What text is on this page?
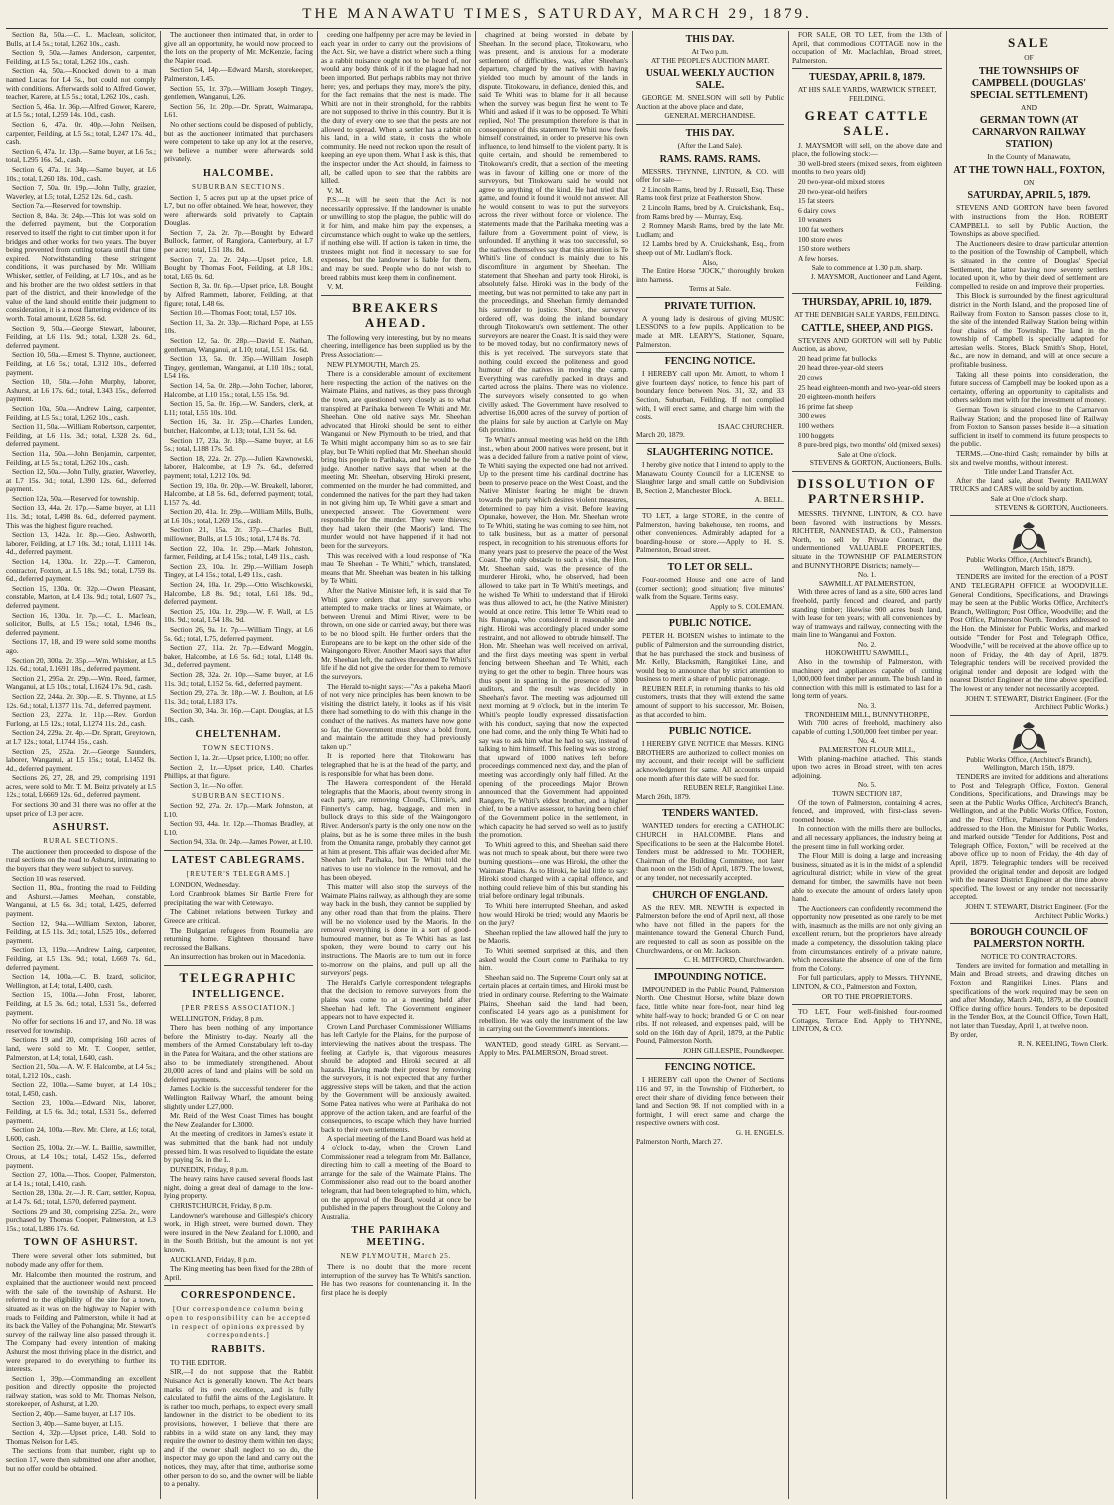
THE MANAWATU TIMES, SATURDAY, MARCH 29, 1879.

Section 8a, 50a.—C. L. Maclean, solicitor, Bulls, at L4 5s.; total, L262 10s., cash.

Section 9, 50a.—James Anderson, carpenter, Feilding, at L5 5s.; total, L262 10s., cash.

Section 4a, 50a.—Knocked down to a man named Lucas for L4 5s., but could not comply with conditions. Afterwards sold to Alfred Gower, teacher, Karere, at L5 5s.; total, L262 10s., cash.

Section 5, 46a. 1r. 36p.—Alfred Gower, Karere, at L5 5s.; total, L259 14s. 10d., cash.

Section 6, 47a. 0r. 40p.—John Neilsen, carpenter, Feilding, at L5 5s.; total, L247 17s. 4d., cash.

Section 6, 47a. 1r. 13p.—Same buyer, at L6 5s.; total, L295 16s. 5d., cash.

Section 6, 47a. 1r. 34p.—Same buyer, at L6 10s.; total, L260 18s. 10d., cash.

Section 7, 50a. 0r. 19p.—John Tully, grazier, Waverley, at L5; total, L252 12s. 6d., cash.

Section 7a.—Reserved for township.

Section 8, 84a. 3r. 24p.—This lot was sold on the deferred payment, but the Corporation reserved to itself the right to cut timber upon it for bridges and other works for two years. The buyer being prevented from cutting totara until that time expired. Notwithstanding these stringent conditions, it was purchased by Mr. William Whisker, settler, of Feilding, at L7 10s., and as he and his brother are the two oldest settlers in that part of the district, and their knowledge of the value of the land should entitle their judgment to consideration, it is a most flattering evidence of its worth. Total amount, L628 5s. 6d.

Section 9, 50a.—George Stewart, labourer, Feilding, at L6 11s. 9d.; total, L328 2s. 6d., deferred payment.

Section 10, 50a.—Ernest S. Thynne, auctioneer, Feilding, at L6 5s.; total, L312 10s., deferred payment.

Section 10, 50a.—John Murphy, laborer, Ashurst, at L6 17s. 6d.; total, L343 15s., deferred payment.

Section 10a, 50a.—Andrew Laing, carpenter, Feilding, at L5 5s.; total, L262 10s., cash.

Section 11, 50a.—William Robertson, carpenter, Feilding, at L6 11s. 3d.; total, L328 2s. 6d., deferred payment.

Section 11a, 50a.—John Benjamin, carpenter, Feilding, at L5 5s.; total, L262 10s., cash.

Section 12, 50a.—John Tully, grazier, Waverley, at L7 15s. 3d.; total, L390 12s. 6d., deferred payment.

Section 12a, 50a.—Reserved for township.

Section 13, 44a. 2r. 17p.—Same buyer, at L11 11s. 3d.; total, L498 8s. 6d., deferred payment. This was the highest figure reached.

Section 13, 142a. 1r. 8p.—Geo. Ashworth, laborer, Feilding, at L7 10s. 3d.; total, L1111 14s. 4d., deferred payment.

Section 14, 130a. 1r. 22p.—T. Cameron, contractor, Foxton, at L5 18s. 9d.; total, L759 8s. 6d., deferred payment.

Section 15, 130a. 0r. 32p.—Owen Pleasant, constable, Marton, at L4 13s. 9d.; total, L607 7s., deferred payment.

Section 16, 130a. 1r. 7p.—C. L. Maclean, solicitor, Bulls, at L5 15s.; total, L946 0s., deferred payment.

Sections 17, 18, and 19 were sold some months ago.

Section 20, 300a. 2r. 35p.—Wm. Whisker, at L5 12s. 6d.; total, L1691 18s., deferred payment.

Section 21, 295a. 2r. 29p.—Wm. Reed, farmer, Wanganui, at L5 10s.; total, L1624 17s. 9d., cash.

Section 22, 244a. 2r. 30p.—E. S. Thynne, at L5 12s. 6d.; total, L1377 11s. 7d., deferred payment.

Section 23, 227a. 1r. 11p.—Rev. Gordon Furlong, at L5 12s.; total, L1274 11s. 2d., cash.

Section 24, 229a. 2r. 4p.—Dr. Spratt, Greytown, at L7 12s.; total, L1744 15s., cash.

Section 25, 252a. 2r.—George Saunders, laborer, Wanganui, at L5 15s.; total, L1452 0s. 4d., deferred payment.

Sections 26, 27, 28, and 29, comprising 1191 acres, were sold to Mr. T. M. Beitz privately at L5 12s.; total, L6669 12s. 6d., deferred payment.

For sections 30 and 31 there was no offer at the upset price of L3 per acre.

ASHURST.
RURAL SECTIONS.

The auctioneer then proceeded to dispose of the rural sections on the road to Ashurst, intimating to the buyers that they were subject to survey.

Section 10 was reserved.

Section 11, 80a., fronting the road to Feilding and Ashurst.—James Meehan, constable, Wanganui, at L5 6s. 3d.; total, L425, deferred payment.

Section 12, 94a.—William Sexton, laborer, Feilding, at L5 11s. 3d.; total, L525 10s., deferred payment.

Section 13, 119a.—Andrew Laing, carpenter, Feilding, at L5 13s. 9d.; total, L669 7s. 6d., deferred payment.

Section 14, 100a.—C. B. Izard, solicitor, Wellington, at L4; total, L400, cash.

Section 15, 100a.—John Frost, laborer, Feilding, at L5 3s. 6d.; total, L531 5s., deferred payment.

No offer for sections 16 and 17, and No. 18 was reserved for township.

Sections 19 and 20, comprising 160 acres of land, were sold to Mr. T. Cooper, settler, Palmerston, at L4; total, L640, cash.

Section 21, 50a.—A. W. F. Halcombe, at L4 5s.; total, L212 10s., cash.

Section 22, 100a.—Same buyer, at L4 10s.; total, L450, cash.

Section 23, 100a.—Edward Nix, laborer, Feilding, at L5 6s. 3d.; total, L531 5s., deferred payment.

Section 24, 100a.—Rev. Mr. Clere, at L6; total, L600, cash.

Section 25, 100a. 2r.—W. L. Baillie, sawmiller, Orous, at L4 10s.; total, L452 15s., deferred payment.

Section 27, 100a.—Thos. Cooper, Palmerston, at L4 1s.; total, L410, cash.

Section 28, 130a. 2r.—J. R. Carr, settler, Kopua, at L4 7s. 6d.; total, L570, deferred payment.

Sections 29 and 30, comprising 225a. 2r., were purchased by Thomas Cooper, Palmerston, at L3 15s.; total, L886 17s. 6d.

TOWN OF ASHURST.

There were several other lots submitted, but nobody made any offer for them.

Mr. Halcombe then mounted the rostrum, and explained that the auctioneer would next proceed with the sale of the township of Ashurst. He referred to the eligibility of the site for a town, situated as it was on the highway to Napier with roads to Feilding and Palmerston, while it had at its back the Valley of the Pohangina; Mr. Stewart's survey of the railway line also passed through it. The Company had every intention of making Ashurst the most thriving place in the district, and were prepared to do everything to further its interests.

Section 1, 39p.—Commanding an excellent position and directly opposite the projected railway station, was sold to Mr. Thomas Nelson, storekeeper, of Ashurst, at L20.

Section 2, 40p.—Same buyer, at L17 10s.

Section 3, 40p.—Same buyer, at L15.

Section 4, 32p.—Upset price, L40. Sold to Thomas Nelson for L45.

The sections from that number, right up to section 17, were then submitted one after another, but no offer could be obtained.

The auctioneer then intimated that, in order to give all an opportunity, he would now proceed to the lots on the property of Mr. McKenzie, facing the Napier road.

Section 54, 14p.—Edward Marsh, storekeeper, Palmerston, L45.

Section 55, 1r. 37p.—William Joseph Tingey, gentlemen, Wanganui, L26.

Section 56, 1r. 20p.—Dr. Spratt, Waimarapa, L61.

No other sections could be disposed of publicly, but as the auctioneer intimated that purchasers were competent to take up any lot at the reserve, we believe a number were afterwards sold privately.

HALCOMBE.
SUBURBAN SECTIONS.

Section 1, 5 acres put up at the upset price of L7, but no offer obtained. We hear, however, they were afterwards sold privately to Captain Douglas.

Section 7, 2a. 2r. 7p.—Bought by Edward Bullock, farmer, of Rangiora, Canterbury, at L7 per acre; total, L51 18s. 8d.

Section 7, 2a. 2r. 24p.—Upset price, L8. Bought by Thomas Foot, Feilding, at L8 10s.; total, L65 0s. 6d.

Section 8, 3a. 0r. 6p.—Upset price, L8. Bought by Alfred Rammett, laborer, Feilding, at that figure; total, L48 6s.

Section 10.—Thomas Foot; total, L57 10s.

Section 11, 3a. 2r. 33p.—Richard Pope, at L55 10s.

Section 12, 5a. 0r. 28p.—David E. Nathan, gentleman, Wanganui, at L10; total, L51 15s. 6d.

Section 13, 5a. 0r. 35p.—William Joseph Tingey, gentleman, Wanganui, at L10 10s.; total, L54 16s.

Section 14, 5a. 0r. 28p.—John Tocher, laborer, Halcombe, at L10 15s.; total, L55 15s. 9d.

Section 15, 5a. 0r. 16p.—W. Sanders, clerk, at L11; total, L55 10s. 10d.

Section 16, 3a. 1r. 25p.—Charles Lunden, butcher, Halcombe, at L13; total, L31 5s. 6d.

Section 17, 23a. 3r. 18p.—Same buyer, at L6 5s.; total, L188 17s. 5d.

Section 18, 22a. 2r. 27p.—Julien Kawnowski, laborer, Halcombe, at L9 7s. 6d., deferred payment; total, L212 10s. 9d.

Section 19, 10a. 0r. 20p.—W. Breakell, laborer, Halcombe, at L8 5s. 6d., deferred payment; total, L157 7s. 4d.

Section 20, 41a. 1r. 29p.—William Mills, Bulls, at L6 10s.; total, L269 15s., cash.

Section 21, 15a. 2r. 37p.—Charles Bull, millowner, Bulls, at L5 10s.; total, L74 8s. 7d.

Section 22, 10a. 1r. 29p.—Mark Johnston, farmer, Feilding, at L4 15s.; total, L49 11s., cash.

Section 23, 10a. 1r. 29p.—William Joseph Tingey, at L4 15s.; total, L49 11s., cash.

Section 24, 10a. 1r. 29p.—Otto Wischkowski, Halcombe, L8 8s. 9d.; total, L61 18s. 9d., deferred payment.

Section 25, 10a. 1r. 29p.—W. F. Wall, at L5 10s. 9d.; total, L54 18s. 9d.

Section 26, 9a. 1r. 7p.—William Tingy, at L6 5s. 6d.; total, L75, deferred payment.

Section 27, 11a. 2r. 7p.—Edward Moggin, baker, Halcombe, at L6 5s. 6d.; total, L148 0s. 3d., deferred payment.

Section 28, 32a. 2r. 10p.—Same buyer, at L6 11s. 3d.; total, L152 5s. 6d., deferred payment.

Section 29, 27a. 3r. 18p.—W. J. Boulton, at L6 11s. 3d.; total, L183 17s.

Section 30, 34a. 3r. 16p.—Capt. Douglas, at L5 10s., cash.

CHELTENHAM.
TOWN SECTIONS.

Section 1, 1a. 2r.—Upset price, L100; no offer.

Section 2, 1r.—Upset price, L40. Charles Phillips, at that figure.

Section 3, 1r.—No offer.

SUBURBAN SECTIONS.

Section 92, 27a. 2r. 17p.—Mark Johnston, at L10.

Section 93, 44a. 1r. 12p.—Thomas Bradley, at L10.

Section 94, 33a. 0r. 24p.—James Power, at L10.

LATEST CABLEGRAMS.
[REUTER'S TELEGRAMS.]

LONDON, Wednesday.

Lord Cranbrook blames Sir Bartle Frere for precipitating the war with Cetewayo.

The Cabinet relations between Turkey and Greece are critical.

The Bulgarian refugees from Roumelia are returning home. Eighteen thousand have recrossed the Balkans.

An insurrection has broken out in Macedonia.

TELEGRAPHIC
INTELLIGENCE.
[PER PRESS ASSOCIATION.]

WELLINGTON, Friday, 8 p.m.

There has been nothing of any importance before the Ministry to-day. Nearly all the members of the Armed Constabulary left to-day in the Patea for Waitara, and the other stations are also to be immediately strengthened. About 20,000 acres of land and plains will be sold on deferred payments.

James Lockie is the successful tenderer for the Wellington Railway Wharf, the amount being slightly under L27,000.

Mr. Reid of the West Coast Times has bought the New Zealander for L3000.

At the meeting of creditors in James's estate it was submitted that the bank had not unduly pressed him. It was resolved to liquidate the estate by paying 5s. in the L.

DUNEDIN, Friday, 8 p.m.

The heavy rains have caused several floods last night, doing a great deal of damage to the low-lying property.

CHRISTCHURCH, Friday, 8 p.m.

Landowner's warehouse and Gillespie's chicory work, in High street, were burned down. They were insured in the New Zealand for L1000, and in the South British, but the amount is not yet known.

AUCKLAND, Friday, 8 p.m.

The King meeting has been fixed for the 28th of April.

CORRESPONDENCE.
[Our correspondence column being open to responsibility can be accepted in respect of opinions expressed by correspondents.]
RABBITS.

TO THE EDITOR.

SIR,—I do not suppose that the Rabbit Nuisance Act is generally known. The Act bears marks of its own excellence, and is fully calculated to fulfil the aims of the Legislature. It is rather too much, perhaps, to expect every small landowner in the district to be obedient to its provisions, however, I believe that there are rabbits in a wild state on any land, they may require the owner to destroy them within ten days; and if the owner shall neglect to so do, the inspector may go upon the land and carry out the notices, they may, after that time, authorise some other person to do so, and the owner will be liable to a penalty.

ceeding one halfpenny per acre may be levied in each year in order to carry out the provisions of the Act. Sir, we have a district where such a thing as a rabbit nuisance ought not to be heard of, nor would any body think of it if the plague had not been imported. But perhaps rabbits may not thrive here; yes, and perhaps they may, more's the pity, for the fact remains that the nest is made. The Whiti are not in their stronghold, for the rabbits are not supposed to thrive in this country. But it is the duty of every one to see that the pests are not allowed to spread. When a settler has a rabbit on his land, in a wild state, it costs the whole community. He need not reckon upon the result of keeping an eye upon them. What I ask is this, that the inspector under the Act should, in fairness to all, be called upon to see that the rabbits are killed.

V. M.

P.S.—It will be seen that the Act is not necessarily oppressive. If the landowner is unable or unwilling to stop the plague, the public will do it for him, and make him pay the expenses, a circumstance which ought to wake up the settlers, if nothing else will. If action is taken in time, the trustees might not find it necessary to sue for expenses, but the landowner is liable for them, and may be sued. People who do not wish to breed rabbits must keep them in confinement.

V. M.

BREAKERS AHEAD.

The following very interesting, but by no means cheering, intelligence has been supplied us by the Press Association:—

NEW PLYMOUTH, March 25.

There is a considerable amount of excitement here respecting the action of the natives on the Waimate Plains, and natives, as they pass through the town, are questioned very closely as to what transpired at Parihaka between Te Whiti and Mr. Sheehan. One old native says Mr. Sheehan advocated that Hiroki should be sent to either Wanganui or New Plymouth to be tried, and that Te Whiti might accompany him so as to see fair play, but Te Whiti replied that Mr. Sheehan should bring his people to Parihaka, and he would be the judge. Another native says that when at the meeting Mr. Sheehan, observing Hiroki present, commented on the murder he had committed, and condemned the natives for the part they had taken in not giving him up, Te Whiti gave a smart and unexpected answer. The Government were responsible for the murder. They were thieves; they had taken their (the Maoris') land. The murder would not have happened if it had not been for the surveyors.

This was received with a loud response of "Ka mau Te Sheehan - Te Whiti," which, translated, means that Mr. Sheehan was beaten in his talking by Te Whiti.

After the Native Minister left, it is said that Te Whiti gave orders that any surveyors who attempted to make tracks or lines at Waimate, or between Urenui and Mimi River, were to be thrown, on one side or carried away, but there was to be no blood spilt. He further orders that the Europeans are to be kept on the other side of the Waingongoro River. Another Maori says that after Mr. Sheehan left, the natives threatened Te Whiti's life if he did not give the order for them to remove the surveyors.

The Herald to-night says:—"As a pakeha Maori of not very nice principles has been known to be visiting the district lately, it looks as if his visit there had something to do with this change in the conduct of the natives. As matters have now gone so far, the Government must show a bold front, and maintain the attitude they had previously taken up."

It is reported here that Titokowaru has telegraphed that he is at the head of the party, and is responsible for what has been done.

The Hawera correspondent of the Herald telegraphs that the Maoris, about twenty strong in each party, are removing Cloud's, Climie's, and Finnerty's camp, hag, baggage, and men in bullock drays to this side of the Waingongoro River. Anderson's party is the only one now on the plains, but as he is some three miles in the bush from the Omanita range, probably they cannot get at him at present. This affair was decided after Mr. Sheehan left Parihaka, but Te Whiti told the natives to use no violence in the removal, and he has been obeyed.

This matter will also stop the surveys of the Waimate Plains railway, as although they are some way back in the bush, they cannot be supplied by any other road than that from the plains. There will be no violence used by the Maoris. In the removal everything is done in a sort of good-humoured manner, but as Te Whiti has as last spoken, they were bound to carry out his instructions. The Maoris are to turn out in force to-morrow on the plains, and pull up all the surveyors' pegs.

The Herald's Carlyle correspondent telegraphs that the decision to remove surveyors from the plains was come to at a meeting held after Sheehan had left. The Government engineer appears not to have expected it.

Crown Land Purchaser Commissioner Williams has left Carlyle for the Plains, for the purpose of interviewing the natives about the trespass. The feeling at Carlyle is, that vigorous measures should be adopted and Hiroki secured at all hazards. Having made their protest by removing the surveyors, it is not expected that any further aggressive steps will be taken, and that the action by the Government will be anxiously awaited. Some Patea natives who were at Parihaka do not approve of the action taken, and are fearful of the consequences, to escape which they have hurried back to their own settlements.

A special meeting of the Land Board was held at 4 o'clock to-day, when the Crown Land Commissioner read a telegram from Mr. Ballance, directing him to call a meeting of the Board to arrange for the sale of the Waimate Plains. The Commissioner also read out to the board another telegram, that had been telegraphed to him, which, on the approval of the Board, would at once be published in the papers throughout the Colony and Australia.

THE PARIHAKA MEETING.
NEW PLYMOUTH, March 25.

There is no doubt that the more recent interruption of the survey has Te Whiti's sanction. He has two reasons for countenancing it. In the first place he is deeply

chagrined at being worsted in debate by Sheehan. In the second place, Titokowaru, who was present, and is anxious for a moderate settlement of difficulties, was, after Sheehan's departure, charged by the natives with having yielded too much by amount of the lands in dispute. Titokowaru, in defiance, denied this, and said Te Whiti was to blame for it all because when the survey was begun first he went to Te Whiti and asked if it was to be opposed. Te Whiti replied, No! The presumption therefore is that in consequence of this statement Te Whiti now feels himself constrained, in order to preserve his own influence, to lend himself to the violent party. It is quite certain, and should be remembered to Titokowaru's credit, that a section of the meeting was in favour of killing one or more of the surveyors, but Titokowaru said he would not agree to anything of the kind. He had tried that game, and found it found it would not answer. All he would consent to was to put the surveyors across the river without force or violence. The statements made that the Parihaka meeting was a failure from a Government point of view, is unfounded. If anything it was too successful, so the natives themselves say that this attention is Te Whiti's line of conduct is mainly due to his discomfiture in argument by Sheehan. The statement that Sheehan and party took Hiroki, is absolutely false. Hiroki was in the body of the meeting, but was not permitted to take any part in the proceedings, and Sheehan firmly demanded his surrender to justice. Short, the surveyor ordered off, was doing the inland boundary through Titokowaru's own settlement. The other surveyors are nearer the Coast. It is said they were to be moved today, but no confirmatory news of this is yet received. The surveyors state that nothing could exceed the politeness and good humour of the natives in moving the camp. Everything was carefully packed in drays and carted across the plains. There was no violence. The surveyors wisely consented to go when civilly asked. The Government have resolved to advertise 16,000 acres of the survey of portion of the plains for sale by auction at Carlyle on May 6th proximo.

Te Whiti's annual meeting was held on the 18th inst., when about 2000 natives were present, but it was a decided failure from a native point of view, Te Whiti saying the expected one had not arrived. Up to the present time his cardinal doctrine has been to preserve peace on the West Coast, and the Native Minister fearing he might be drawn towards the party which desires violent measures, determined to pay him a visit. Before leaving Opunake, however, the Hon. Mr. Sheehan wrote to Te Whiti, stating he was coming to see him, not to talk business, but as a matter of personal respect, in recognition to his strenuous efforts for many years past to preserve the peace of the West Coast. The only obstacle to such a visit, the Hon. Mr. Sheehan said, was the presence of the murderer Hiroki, who, he observed, had been allowed to take part in Te Whiti's meetings, and he wished Te Whiti to understand that if Hiroki was thus allowed to act, he (the Native Minister) would at once retire. This letter Te Whiti read to his Runanga, who considered it reasonable and right. Hiroki was accordingly placed under some restraint, and not allowed to obtrude himself. The Hon. Mr. Sheehan was well received on arrival, and the first days meeting was spent in verbal fencing between Sheehan and Te Whiti, each trying to get the other to begin. Three hours was thus spent in sparring in the presence of 3000 auditors, and the result was decidedly in Sheehan's favor. The meeting was adjourned till next morning at 9 o'clock, but in the interim Te Whiti's people loudly expressed dissatisfaction with his conduct, saying that now the expected one had come, and the only thing Te Whiti had to say was to ask him what he had to say, instead of talking to him himself. This feeling was so strong, that upward of 1000 natives left before proceedings commenced next day, and the plan of meeting was accordingly only half filled. At the opening of the proceedings Major Brown announced that the Government had appointed Rangere, Te Whiti's eldest brother, and a higher chief, to be a native assessor, to having been chief of the Government police in the settlement, in which capacity he had served so well as to justify the promotion.

To Whiti agreed to this, and Sheehan said there was not much to speak about, but there were two burning questions—one was Hiroki, the other the Waimate Plains. As to Hiroki, he laid little to say: Hiroki stood charged with a capital offence, and nothing could relieve him of this but standing his trial before ordinary legal tribunals.

To Whiti here interrupted Sheehan, and asked how would Hiroki be tried; would any Maoris be on the jury?

Sheehan replied the law allowed half the jury to be Maoris.

To Whiti seemed surprised at this, and then asked would the Court come to Parihaka to try him.

Sheehan said no. The Supreme Court only sat at certain places at certain times, and Hiroki must be tried in ordinary course. Referring to the Waimate Plains, Sheehan said the land had been, confiscated 14 years ago as a punishment for rebellion. He was only the instrument of the law in carrying out the Government's intentions.

WANTED, good steady GIRL as Servant.—Apply to Mrs. PALMERSON, Broad street.

THIS DAY.
At Two p.m.
AT THE PEOPLE'S AUCTION MART.
USUAL WEEKLY AUCTION SALE.

GEORGE M. SNELSON will sell by Public Auction at the above place and date,

GENERAL MERCHANDISE.
THIS DAY.
(After the Land Sale).
RAMS. RAMS. RAMS.

MESSRS. THYNNE, LINTON, & CO. will offer for sale—

2 Lincoln Rams, bred by J. Russell, Esq. These Rams took first prize at Featherston Show.

2 Lincoln Rams, bred by A. Cruickshank, Esq., from Rams bred by — Murray, Esq.

2 Romney Marsh Rams, bred by the late Mr. Ludlam; and

12 Lambs bred by A. Cruickshank, Esq., from sheep out of Mr. Ludlam's flock.

Also,

The Entire Horse "JOCK," thoroughly broken into harness.

Terms at Sale.
PRIVATE TUITION.

A young lady is desirous of giving MUSIC LESSONS to a few pupils. Application to be made at MR. LEARY'S, Stationer, Square, Palmerston.

FENCING NOTICE.

I HEREBY call upon Mr. Arnott, to whom I give fourteen days' notice, to fence his part of boundary fence between Nos. 31, 32, and 33 Section, Suburban, Feilding. If not complied with, I will erect same, and charge him with the costs.

ISAAC CHURCHER.
March 20, 1879.
SLAUGHTERING NOTICE.

I hereby give notice that I intend to apply to the Manawatu County Council for a LICENSE to Slaughter large and small cattle on Subdivision B, Section 2, Manchester Block.

A. BELL.

TO LET, a large STORE, in the centre of Palmerston, having bakehouse, ten rooms, and other conveniences. Admirably adapted for a boarding-house or store.—Apply to H. S. Palmerston, Broad street.

TO LET OR SELL.

Four-roomed House and one acre of land (corner section); good situation; five minutes' walk from the Square. Terms easy.

Apply to S. COLEMAN.
PUBLIC NOTICE.

PETER H. BOISEN wishes to intimate to the public of Palmerston and the surrounding district, that he has purchased the stock and business of Mr. Kelly, Blacksmith, Rangitikei Line, and would beg to announce that by strict attention to business to merit a share of public patronage.

REUBEN RELF, in returning thanks to his old customers, trusts that they will extend the same amount of support to his successor, Mr. Boisen, as that accorded to him.

PUBLIC NOTICE.

I HEREBY GIVE NOTICE that Messrs. KING BROTHERS are authorized to collect monies on my account, and their receipt will be sufficient acknowledgment for same. All accounts unpaid one month after this date will be sued for.

REUBEN RELF, Rangitikei Line.
March 26th, 1879.
TENDERS WANTED.

WANTED tenders for erecting a CATHOLIC CHURCH in HALCOMBE. Plans and Specifications to be seen at the Halcombe Hotel. Tenders must be addressed to Mr. TOOHER, Chairman of the Building Committee, not later than noon on the 15th of April, 1879. The lowest, or any tender, not necessarily accepted.

CHURCH OF ENGLAND.

AS the REV. MR. NEWTH is expected in Palmerston before the end of April next, all those who have not filled in the papers for the maintenance toward the General Church Fund, are requested to call as soon as possible on the Churchwardens, or on Mr. Jackson.

C. H. MITFORD, Churchwarden.
IMPOUNDING NOTICE.

IMPOUNDED in the Public Pound, Palmerston North. One Chestnut Horse, white blaze down face, little white near fore-foot, near hind leg white half-way to hock; branded G or C on near ribs. If not released, and expenses paid, will be sold on the 16th day of April, 1879, at the Public Pound, Palmerston North.

JOHN GILLESPIE, Poundkeeper.
FENCING NOTICE.

I HEREBY call upon the Owner of Sections 116 and 97, in the Township of Fitzherbert, to erect their share of dividing fence between their land and Section 98. If not complied with in a fortnight, I will erect same and charge the respective owners with cost.

G. H. ENGELS.
Palmerston North, March 27.

FOR SALE, OR TO LET, from the 13th of April, that commodious COTTAGE now in the occupation of Mr. Maclachlan, Broad street, Palmerston.

TUESDAY, APRIL 8, 1879.
AT HIS SALE YARDS, WARWICK STREET, FEILDING.
GREAT CATTLE SALE.

J. MAYSMOR will sell, on the above date and place, the following stock:—

30 well-bred steers (mixed sexes, from eighteen months to two years old)

20 two-year-old mixed stores

20 two-year-old heifers

15 fat steers

6 dairy cows

10 weaners

100 fat wethers

100 store ewes

150 store wethers

A few horses.

Sale to commence at 1.30 p.m. sharp.
J. MAYSMOR, Auctioneer and Land Agent, Feilding.
THURSDAY, APRIL 10, 1879.
AT THE DENBIGH SALE YARDS, FEILDING.
CATTLE, SHEEP, AND PIGS.

STEVENS AND GORTON will sell by Public Auction, as above,

20 head prime fat bullocks

20 head three-year-old steers

20 cows

25 head eighteen-month and two-year-old steers

20 eighteen-month heifers

16 prime fat sheep

300 ewes

100 wethers

100 hoggets

8 pure-bred pigs, two months' old (mixed sexes)

Sale at One o'clock.
STEVENS & GORTON, Auctioneers, Bulls.
DISSOLUTION OF PARTNERSHIP.

MESSRS. THYNNE, LINTON, & CO. have been favored with instructions by Messrs. RICHTER, NANNESTAD, & CO., Palmerston North, to sell by Private Contract, the undermentioned VALUABLE PROPERTIES, situate in the TOWNSHIP OF PALMERSTON and BUNNYTHORPE Districts; namely—

No. 1.
SAWMILL AT PALMERSTON,

With three acres of land as a site, 600 acres land freehold, partly fenced and cleared, and partly standing timber; likewise 900 acres bush land, with lease for ten years; with all conveniences by way of tramways and railway, connecting with the main line to Wanganui and Foxton.

No. 2.
HOKOWHITU SAWMILL,

Also in the township of Palmerston, with machinery and appliances capable of cutting 1,000,000 feet timber per annum. The bush land in connection with this mill is estimated to last for a long term of years.

No. 3.
TRONDHEIM MILL, BUNNYTHORPE,

With 700 acres of freehold, machinery also capable of cutting 1,500,000 feet timber per year.

No. 4.
PALMERSTON FLOUR MILL,

With planing-machine attached. This stands upon two acres in Broad street, with ten acres adjoining.

No. 5.
TOWN SECTION 187,

Of the town of Palmerston, containing 4 acres, fenced, and improved, with first-class seven-roomed house.

In connection with the mills there are bullocks, and all necessary appliances, the industry being at the present time in full working order.

The Flour Mill is doing a large and increasing business, situated as it is in the midst of a splendid agricultural district; while in view of the great demand for timber, the sawmills have not been able to execute the amount of orders lately upon hand.

The Auctioneers can confidently recommend the opportunity now presented as one rarely to be met with, inasmuch as the mills are not only giving an excellent return, but the proprietors have already made a competency, the dissolution taking place from circumstances entirely of a private nature, which necessitate the absence of one of the firm from the Colony.

For full particulars, apply to Messrs. THYNNE, LINTON, & CO., Palmerston and Foxton,

OR TO THE PROPRIETORS.

TO LET, Four well-finished four-roomed Cottages, Terrace End. Apply to THYNNE, LINTON, & CO.

SALE
OF
THE TOWNSHIPS OF CAMPBELL (DOUGLAS' SPECIAL SETTLEMENT)
AND
GERMAN TOWN (AT CARNARVON RAILWAY STATION)
In the County of Manawatu,
AT THE TOWN HALL, FOXTON,
ON
SATURDAY, APRIL 5, 1879.

STEVENS AND GORTON have been favored with instructions from the Hon. ROBERT CAMPBELL to sell by Public Auction, the Townships as above specified.

The Auctioneers desire to draw particular attention to the position of the Township of Campbell, which is situated in the centre of Douglas' Special Settlement, the latter having now seventy settlers located upon it, who by their deed of settlement are compelled to reside on and improve their properties.

This Block is surrounded by the finest agricultural district in the North Island, and the proposed line of Railway from Foxton to Sanson passes close to it, the site of the intended Railway Station being within four chains of the Township. The land in the township of Campbell is specially adapted for artesian wells. Stores, Black Smith's Shop, Hotel, &c., are now in demand, and will at once secure a profitable business.

Taking all these points into consideration, the future success of Campbell may be looked upon as a certainty, offering an opportunity to capitalists and others seldom met with for the investment of money.

German Town is situated close to the Carnarvon Railway Station; and the proposed line of Railway from Foxton to Sanson passes beside it—a situation sufficient in itself to commend its future prospects to the public.

TERMS.—One-third Cash; remainder by bills at six and twelve months, without interest.

Title under Land Transfer Act.

After the land sale, about Twenty RAILWAY TRUCKS and CARS will be sold by auction.

Sale at One o'clock sharp.
STEVENS & GORTON, Auctioneers.
Public Works Office, (Architect's Branch), Wellington, March 15th, 1879.

TENDERS are invited for the erection of a POST AND TELEGRAPH OFFICE at WOODVILLE. General Conditions, Specifications, and Drawings may be seen at the Public Works Office, Architect's Branch, Wellington; Post Office, Woodville; and the Post Office, Palmerston North. Tenders addressed to the Hon. the Minister for Public Works, and marked outside "Tender for Post and Telegraph Office, Woodville," will be received at the above office up to noon of Friday, the 4th day of April, 1879. Telegraphic tenders will be received provided the original tender and deposit are lodged with the nearest District Engineer at the time above specified. The lowest or any tender not necessarily accepted.

JOHN T. STEWART, District Engineer. (For the Architect Public Works.)
Public Works Office, (Architect's Branch), Wellington, March 15th, 1879.

TENDERS are invited for additions and alterations to Post and Telegraph Office, Foxton. General Conditions, Specifications, and Drawings may be seen at the Public Works Office, Architect's Branch, Wellington, and at the Public Works Office, Foxton, and the Post Office, Palmerston North. Tenders addressed to the Hon. the Minister for Public Works, and marked outside "Tender for Additions, Post and Telegraph Office, Foxton," will be received at the above office up to noon of Friday, the 4th day of April, 1879. Telegraphic tenders will be received provided the original tender and deposit are lodged with the nearest District Engineer at the time above specified. The lowest or any tender not necessarily accepted.

JOHN T. STEWART, District Engineer. (For the Architect Public Works.)
BOROUGH COUNCIL OF PALMERSTON NORTH.
NOTICE TO CONTRACTORS.

Tenders are invited for formation and metalling in Main and Broad streets, and drawing ditches on Foxton and Rangitikei Lines. Plans and specifications of the work required may be seen on and after Monday, March 24th, 1879, at the Council Office during office hours. Tenders to be deposited in the Tender Box, at the Council Office, Town Hall, not later than Tuesday, April 1, at twelve noon.

By order,
R. N. KEELING, Town Clerk.
